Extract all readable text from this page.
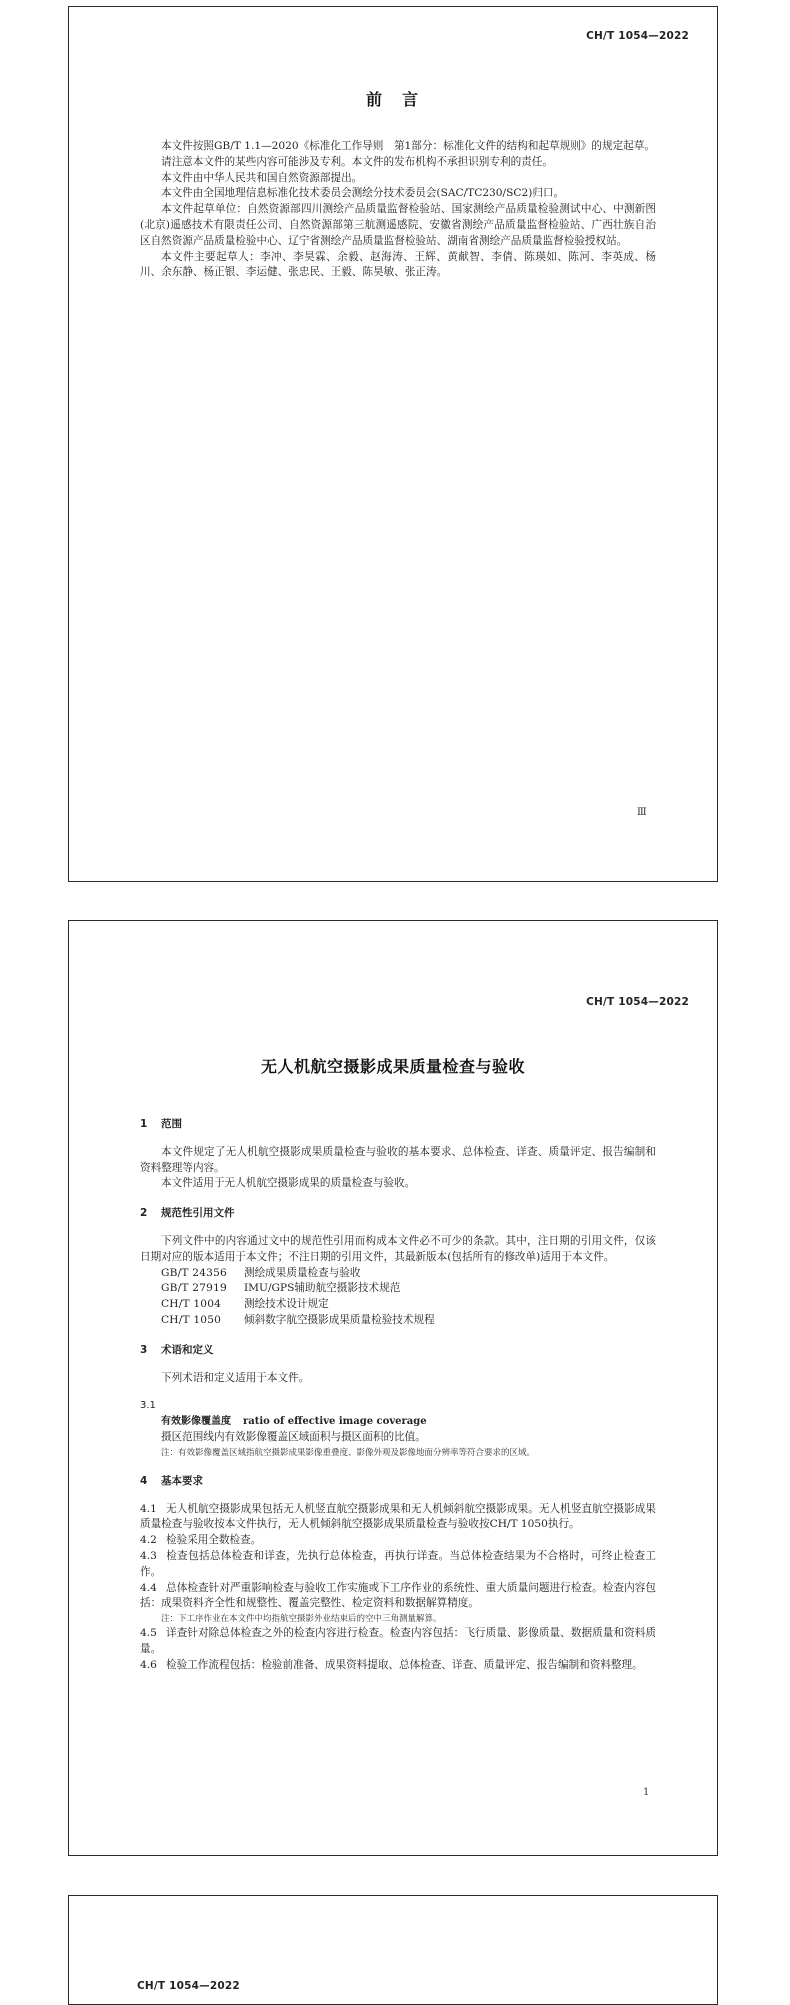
CH/T 1054—2022
前　言

本文件按照GB/T 1.1—2020《标准化工作导则　第1部分：标准化文件的结构和起草规则》的规定起草。

请注意本文件的某些内容可能涉及专利。本文件的发布机构不承担识别专利的责任。

本文件由中华人民共和国自然资源部提出。

本文件由全国地理信息标准化技术委员会测绘分技术委员会(SAC/TC230/SC2)归口。

本文件起草单位：自然资源部四川测绘产品质量监督检验站、国家测绘产品质量检验测试中心、中测新图(北京)遥感技术有限责任公司、自然资源部第三航测遥感院、安徽省测绘产品质量监督检验站、广西壮族自治区自然资源产品质量检验中心、辽宁省测绘产品质量监督检验站、湖南省测绘产品质量监督检验授权站。

本文件主要起草人：李冲、李昊霖、余毅、赵海涛、王辉、黄献智、李倩、陈瑛如、陈河、李英成、杨川、余东静、杨正银、李运健、张忠民、王毅、陈昊敏、张正涛。

Ⅲ
CH/T 1054—2022
无人机航空摄影成果质量检查与验收
1 范围

本文件规定了无人机航空摄影成果质量检查与验收的基本要求、总体检查、详查、质量评定、报告编制和资料整理等内容。

本文件适用于无人机航空摄影成果的质量检查与验收。

2 规范性引用文件

下列文件中的内容通过文中的规范性引用而构成本文件必不可少的条款。其中，注日期的引用文件，仅该日期对应的版本适用于本文件；不注日期的引用文件，其最新版本(包括所有的修改单)适用于本文件。

GB/T 24356 测绘成果质量检查与验收
GB/T 27919 IMU/GPS辅助航空摄影技术规范
CH/T 1004 测绘技术设计规定
CH/T 1050 倾斜数字航空摄影成果质量检验技术规程
3 术语和定义

下列术语和定义适用于本文件。

3.1
有效影像覆盖度 ratio of effective image coverage

摄区范围线内有效影像覆盖区域面积与摄区面积的比值。

注：有效影像覆盖区域指航空摄影成果影像重叠度、影像外观及影像地面分辨率等符合要求的区域。
4 基本要求

4.1 无人机航空摄影成果包括无人机竖直航空摄影成果和无人机倾斜航空摄影成果。无人机竖直航空摄影成果质量检查与验收按本文件执行，无人机倾斜航空摄影成果质量检查与验收按CH/T 1050执行。

4.2 检验采用全数检查。

4.3 检查包括总体检查和详查，先执行总体检查，再执行详查。当总体检查结果为不合格时，可终止检查工作。

4.4 总体检查针对严重影响检查与验收工作实施或下工序作业的系统性、重大质量问题进行检查。检查内容包括：成果资料齐全性和规整性、覆盖完整性、检定资料和数据解算精度。

注：下工序作业在本文件中均指航空摄影外业结束后的空中三角测量解算。

4.5 详查针对除总体检查之外的检查内容进行检查。检查内容包括：飞行质量、影像质量、数据质量和资料质量。

4.6 检验工作流程包括：检验前准备、成果资料提取、总体检查、详查、质量评定、报告编制和资料整理。

1
CH/T 1054—2022
